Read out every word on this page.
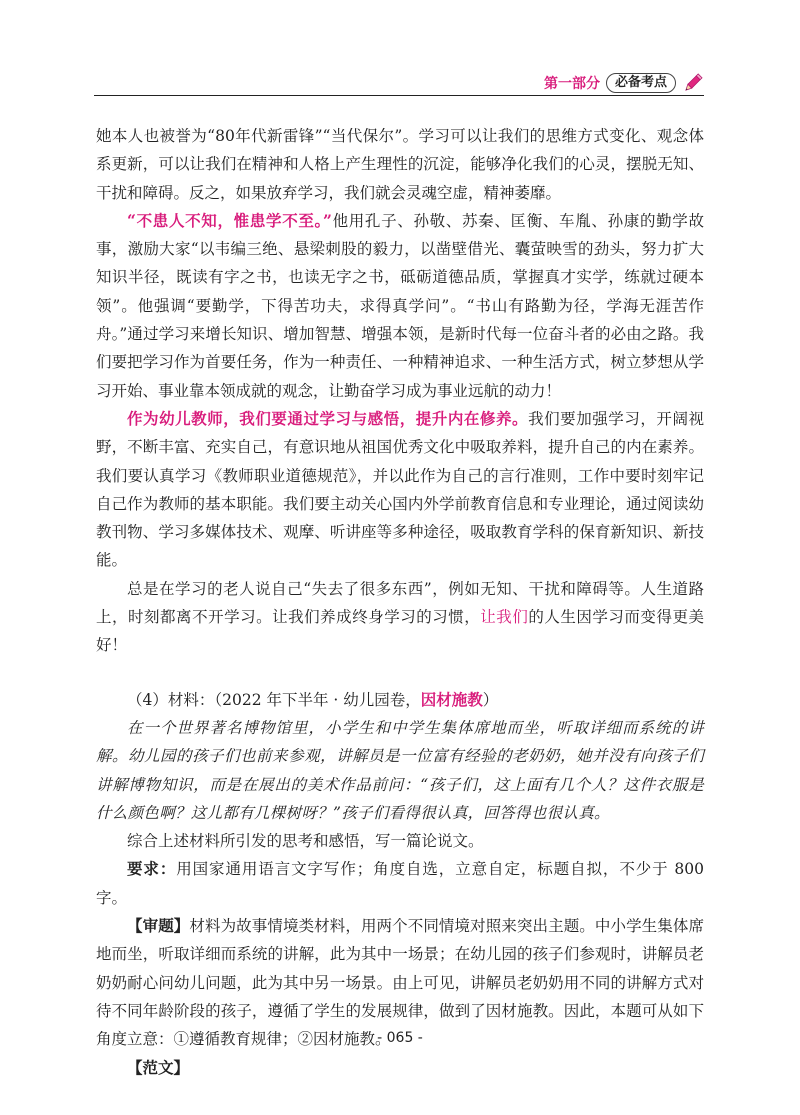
第一部分	必备考点

她本人也被誉为“80年代新雷锋”“当代保尔”。学习可以让我们的思维方式变化、观念体系更新，可以让我们在精神和人格上产生理性的沉淀，能够净化我们的心灵，摆脱无知、干扰和障碍。反之，如果放弃学习，我们就会灵魂空虚，精神萎靡。

“不患人不知，惟患学不至。”他用孔子、孙敬、苏秦、匡衡、车胤、孙康的勤学故事，激励大家“以韦编三绝、悬梁刺股的毅力，以凿壁借光、囊萤映雪的劲头，努力扩大知识半径，既读有字之书，也读无字之书，砥砺道德品质，掌握真才实学，练就过硬本领”。他强调“要勤学，下得苦功夫，求得真学问”。“书山有路勤为径，学海无涯苦作舟。”通过学习来增长知识、增加智慧、增强本领，是新时代每一位奋斗者的必由之路。我们要把学习作为首要任务，作为一种责任、一种精神追求、一种生活方式，树立梦想从学习开始、事业靠本领成就的观念，让勤奋学习成为事业远航的动力！

作为幼儿教师，我们要通过学习与感悟，提升内在修养。我们要加强学习，开阔视野，不断丰富、充实自己，有意识地从祖国优秀文化中吸取养料，提升自己的内在素养。我们要认真学习《教师职业道德规范》，并以此作为自己的言行准则，工作中要时刻牢记自己作为教师的基本职能。我们要主动关心国内外学前教育信息和专业理论，通过阅读幼教刊物、学习多媒体技术、观摩、听讲座等多种途径，吸取教育学科的保育新知识、新技能。

总是在学习的老人说自己“失去了很多东西”，例如无知、干扰和障碍等。人生道路上，时刻都离不开学习。让我们养成终身学习的习惯，让我们的人生因学习而变得更美好！

（4）材料：（2022 年下半年 · 幼儿园卷，因材施教）

在一个世界著名博物馆里，小学生和中学生集体席地而坐，听取详细而系统的讲解。幼儿园的孩子们也前来参观，讲解员是一位富有经验的老奶奶，她并没有向孩子们讲解博物知识，而是在展出的美术作品前问：“孩子们，这上面有几个人？这件衣服是什么颜色啊？这儿都有几棵树呀？”孩子们看得很认真，回答得也很认真。

综合上述材料所引发的思考和感悟，写一篇论说文。

要求：用国家通用语言文字写作；角度自选，立意自定，标题自拟，不少于 800 字。

【审题】材料为故事情境类材料，用两个不同情境对照来突出主题。中小学生集体席地而坐，听取详细而系统的讲解，此为其中一场景；在幼儿园的孩子们参观时，讲解员老奶奶耐心问幼儿问题，此为其中另一场景。由上可见，讲解员老奶奶用不同的讲解方式对待不同年龄阶段的孩子，遵循了学生的发展规律，做到了因材施教。因此，本题可从如下角度立意：①遵循教育规律；②因材施教。

【范文】

- 065 -
